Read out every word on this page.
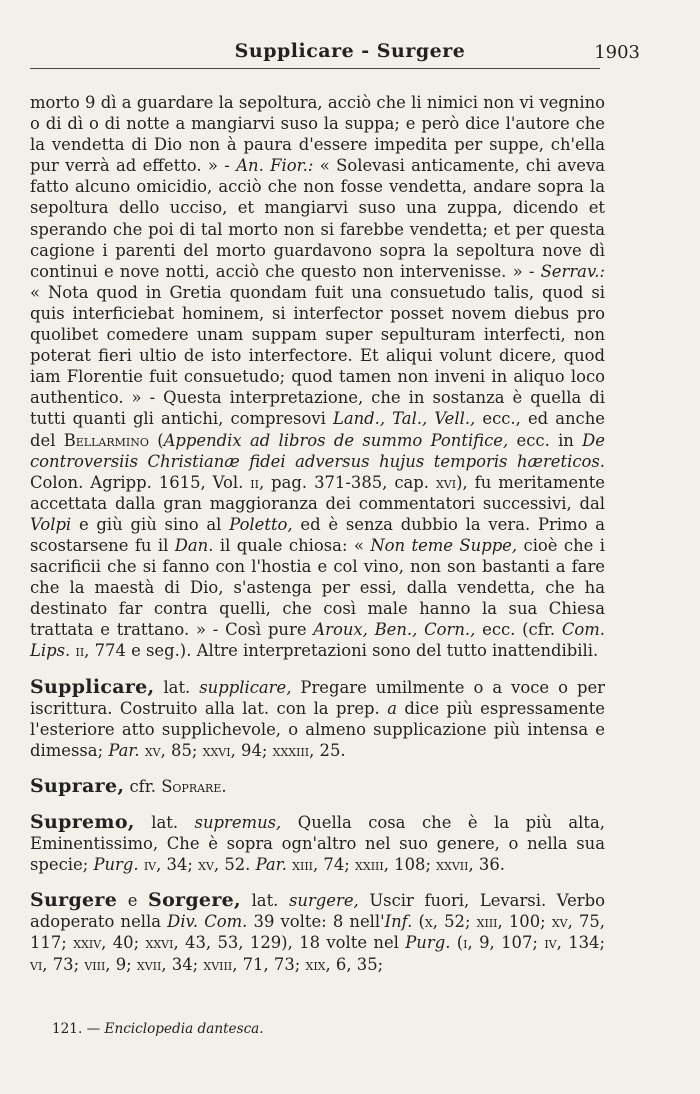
Supplicare - Surgere	1903

morto 9 dì a guardare la sepoltura, acciò che li nimici non vi vegnino o di dì o di notte a mangiarvi suso la suppa; e però dice l'autore che la vendetta di Dio non à paura d'essere impedita per suppe, ch'ella pur verrà ad effetto. » - An. Fior.: « Solevasi anticamente, chi aveva fatto alcuno omicidio, acciò che non fosse vendetta, andare sopra la sepoltura dello ucciso, et mangiarvi suso una zuppa, dicendo et sperando che poi di tal morto non si farebbe vendetta; et per questa cagione i parenti del morto guardavono sopra la sepoltura nove dì continui e nove notti, acciò che questo non intervenisse. » - Serrav.: « Nota quod in Gretia quondam fuit una consuetudo talis, quod si quis interficiebat hominem, si interfector posset novem diebus pro quolibet comedere unam suppam super sepulturam interfecti, non poterat fieri ultio de isto interfectore. Et aliqui volunt dicere, quod iam Florentie fuit consuetudo; quod tamen non inveni in aliquo loco authentico. » - Questa interpretazione, che in sostanza è quella di tutti quanti gli antichi, compresovi Land., Tal., Vell., ecc., ed anche del Bellarmino (Appendix ad libros de summo Pontifice, ecc. in De controversiis Christianæ fidei adversus hujus temporis hæreticos. Colon. Agripp. 1615, Vol. ii, pag. 371-385, cap. xvi), fu meritamente accettata dalla gran maggioranza dei commentatori successivi, dal Volpi e giù giù sino al Poletto, ed è senza dubbio la vera. Primo a scostarsene fu il Dan. il quale chiosa: « Non teme Suppe, cioè che i sacrificii che si fanno con l'hostia e col vino, non son bastanti a fare che la maestà di Dio, s'astenga per essi, dalla vendetta, che ha destinato far contra quelli, che così male hanno la sua Chiesa trattata e trattano. » - Così pure Aroux, Ben., Corn., ecc. (cfr. Com. Lips. ii, 774 e seg.). Altre interpretazioni sono del tutto inattendibili.

Supplicare, lat. supplicare, Pregare umilmente o a voce o per iscrittura. Costruito alla lat. con la prep. a dice più espressamente l'esteriore atto supplichevole, o almeno supplicazione più intensa e dimessa; Par. xv, 85; xxvi, 94; xxxiii, 25.

Suprare, cfr. Soprare.

Supremo, lat. supremus, Quella cosa che è la più alta, Eminentissimo, Che è sopra ogn'altro nel suo genere, o nella sua specie; Purg. iv, 34; xv, 52. Par. xiii, 74; xxiii, 108; xxvii, 36.

Surgere e Sorgere, lat. surgere, Uscir fuori, Levarsi. Verbo adoperato nella Div. Com. 39 volte: 8 nell'Inf. (x, 52; xiii, 100; xv, 75, 117; xxiv, 40; xxvi, 43, 53, 129), 18 volte nel Purg. (i, 9, 107; iv, 134; vi, 73; viii, 9; xvii, 34; xviii, 71, 73; xix, 6, 35;

121. — Enciclopedia dantesca.
